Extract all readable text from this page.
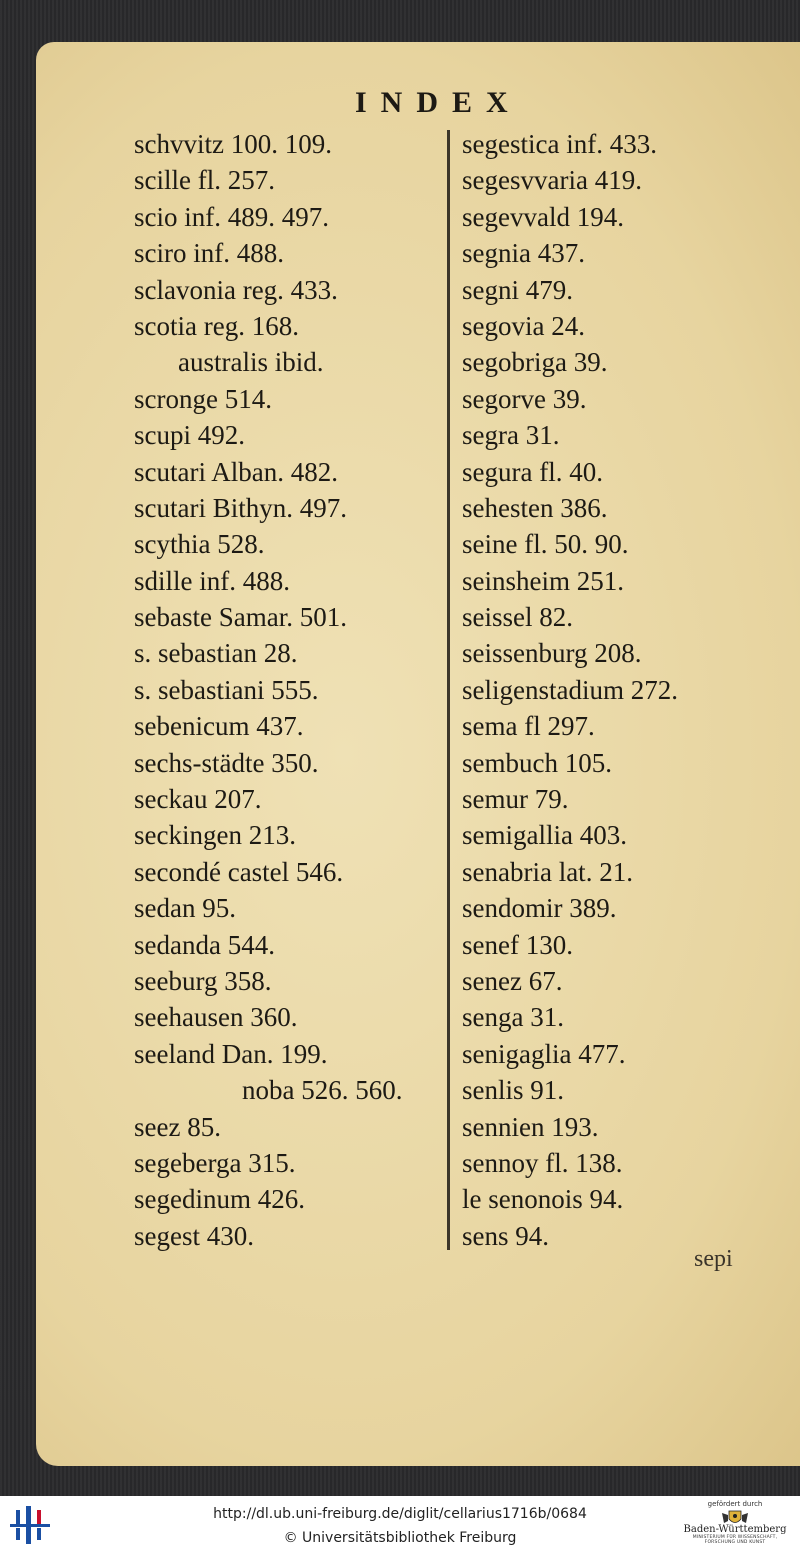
INDEX
schvvitz 100. 109.
scille fl. 257.
scio inf. 489. 497.
sciro inf. 488.
sclavonia reg. 433.
scotia reg. 168.
australis ibid.
scronge 514.
scupi 492.
scutari Alban. 482.
scutari Bithyn. 497.
scythia 528.
sdille inf. 488.
sebaste Samar. 501.
s. sebastian 28.
s. sebastiani 555.
sebenicum 437.
sechs-städte 350.
seckau 207.
seckingen 213.
secondé castel 546.
sedan 95.
sedanda 544.
seeburg 358.
seehausen 360.
seeland Dan. 199.
noba 526. 560.
seez 85.
segeberga 315.
segedinum 426.
segest 430.
segestica inf. 433.
segesvvaria 419.
segevvald 194.
segnia 437.
segni 479.
segovia 24.
segobriga 39.
segorve 39.
segra 31.
segura fl. 40.
sehesten 386.
seine fl. 50. 90.
seinsheim 251.
seissel 82.
seissenburg 208.
seligenstadium 272.
sema fl 297.
sembuch 105.
semur 79.
semigallia 403.
senabria lat. 21.
sendomir 389.
senef 130.
senez 67.
senga 31.
senigaglia 477.
senlis 91.
sennien 193.
sennoy fl. 138.
le senonois 94.
sens 94.
sepi
http://dl.ub.uni-freiburg.de/diglit/cellarius1716b/0684
© Universitätsbibliothek Freiburg
gefördert durch
Baden-Württemberg
MINISTERIUM FÜR WISSENSCHAFT, FORSCHUNG UND KUNST
